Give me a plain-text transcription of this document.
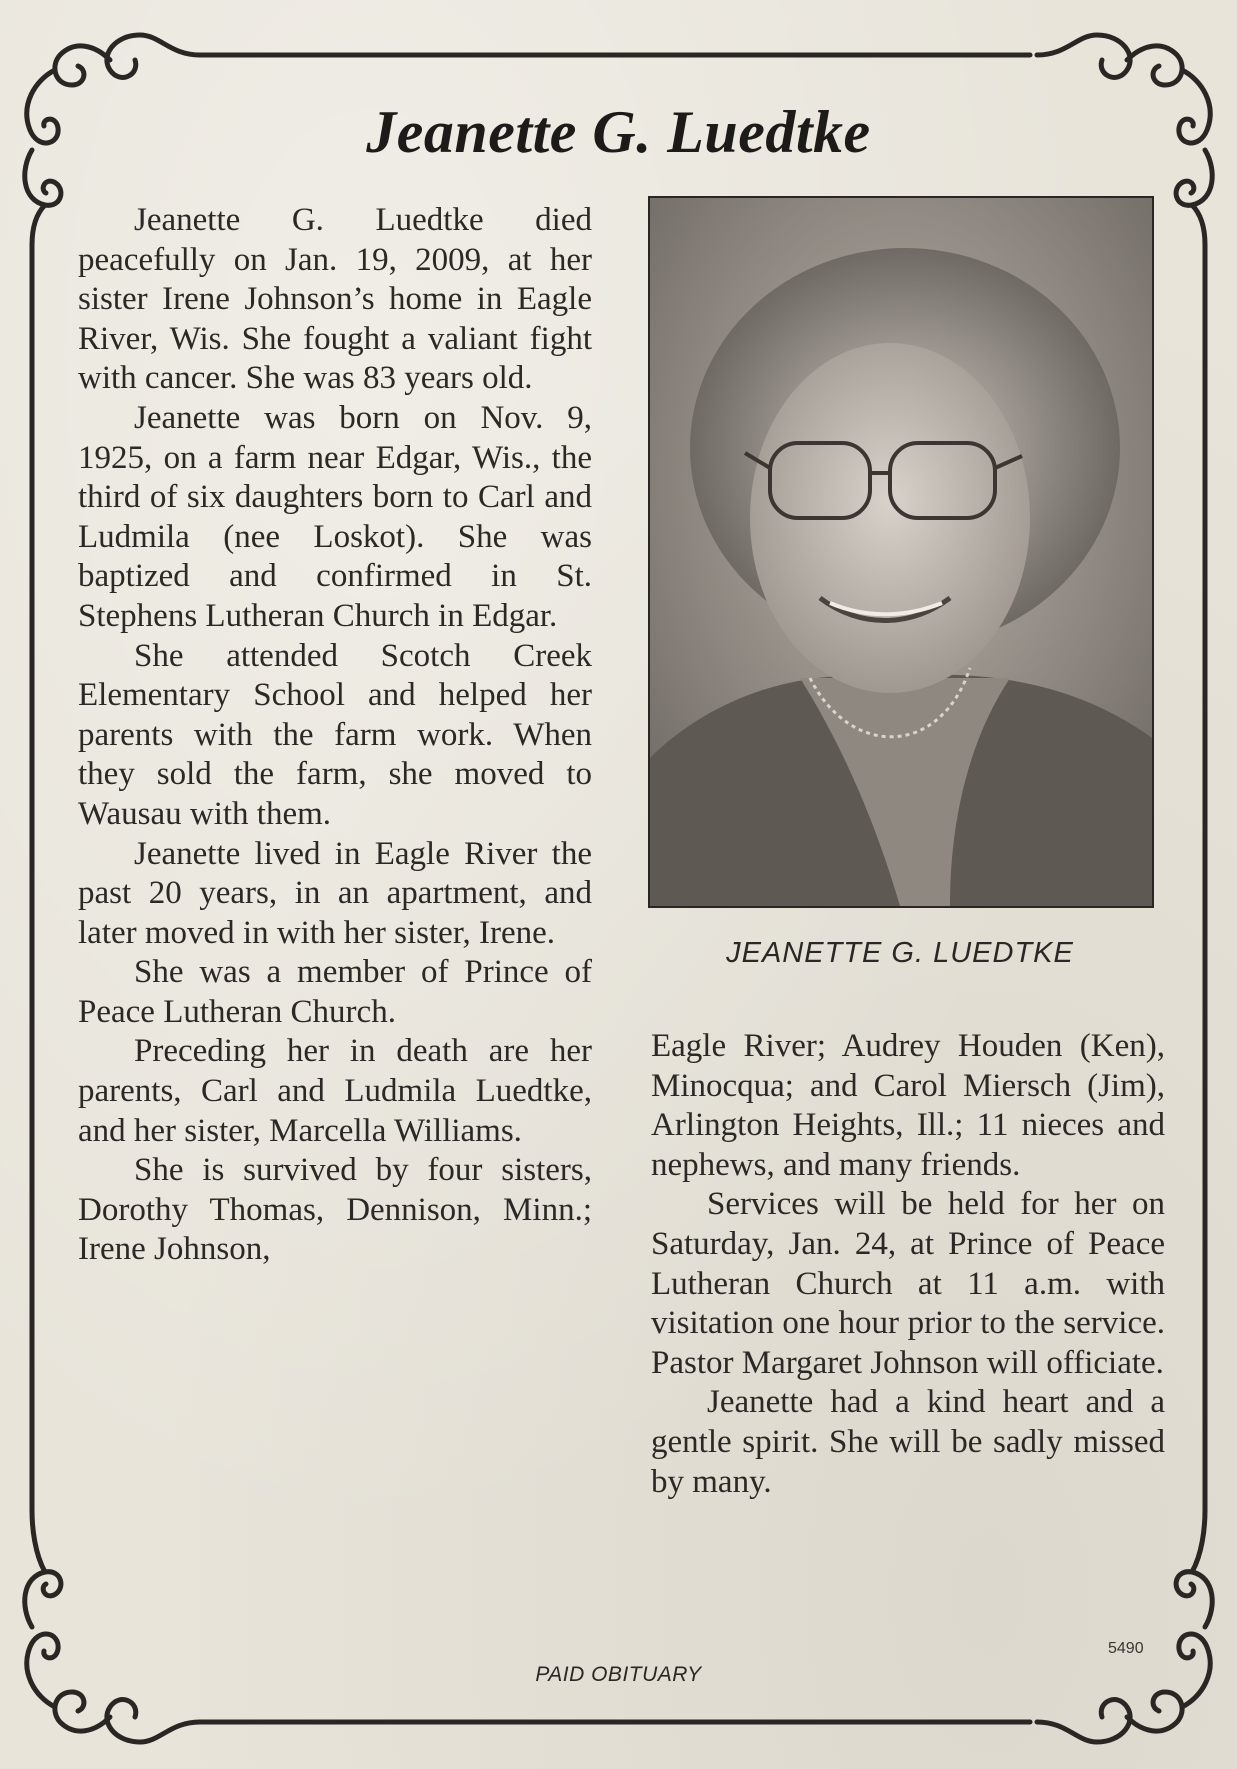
Jeanette G. Luedtke

Jeanette G. Luedtke died peacefully on Jan. 19, 2009, at her sister Irene Johnson’s home in Eagle River, Wis. She fought a valiant fight with cancer. She was 83 years old.

Jeanette was born on Nov. 9, 1925, on a farm near Edgar, Wis., the third of six daughters born to Carl and Ludmila (nee Loskot). She was baptized and confirmed in St. Stephens Lutheran Church in Edgar.

She attended Scotch Creek Elementary School and helped her parents with the farm work. When they sold the farm, she moved to Wausau with them.

Jeanette lived in Eagle River the past 20 years, in an apartment, and later moved in with her sister, Irene.

She was a member of Prince of Peace Lutheran Church.

Preceding her in death are her parents, Carl and Ludmila Luedtke, and her sister, Marcella Williams.

She is survived by four sisters, Dorothy Thomas, Dennison, Minn.; Irene Johnson,

JEANETTE G. LUEDTKE

Eagle River; Audrey Houden (Ken), Minocqua; and Carol Miersch (Jim), Arlington Heights, Ill.; 11 nieces and nephews, and many friends.

Services will be held for her on Saturday, Jan. 24, at Prince of Peace Lutheran Church at 11 a.m. with visitation one hour prior to the service. Pastor Margaret Johnson will officiate.

Jeanette had a kind heart and a gentle spirit. She will be sadly missed by many.

5490
PAID OBITUARY
